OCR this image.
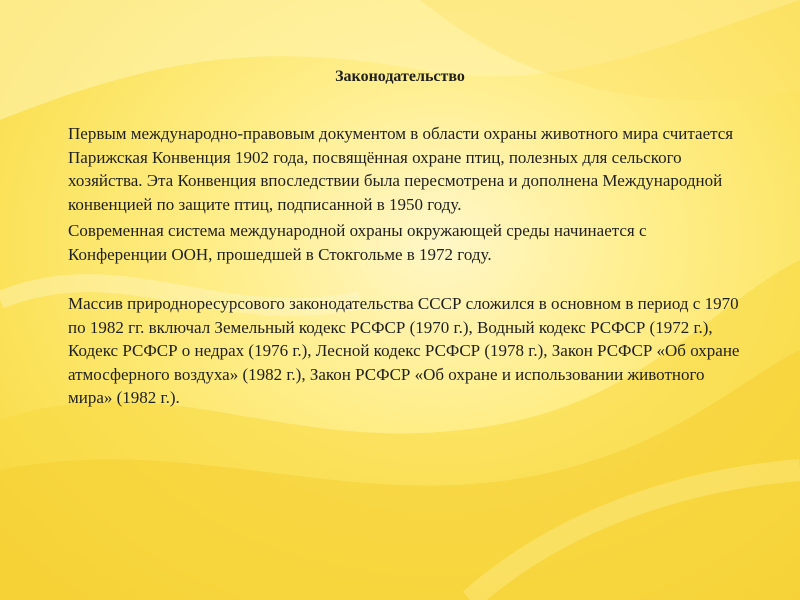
Законодательство

Первым международно-правовым документом в области охраны животного мира считается Парижская Конвенция 1902 года, посвящённая охране птиц, полезных для сельского хозяйства. Эта Конвенция впоследствии была пересмотрена и дополнена Международной конвенцией по защите птиц, подписанной в 1950 году.

Современная система международной охраны окружающей среды начинается с Конференции ООН, прошедшей в Стокгольме в 1972 году.

Массив природноресурсового законодательства СССР сложился в основном в период с 1970 по 1982 гг. включал Земельный кодекс РСФСР (1970 г.), Водный кодекс РСФСР (1972 г.), Кодекс РСФСР о недрах (1976 г.), Лесной кодекс РСФСР (1978 г.), Закон РСФСР «Об охране атмосферного воздуха» (1982 г.), Закон РСФСР «Об охране и использовании животного мира» (1982 г.).
